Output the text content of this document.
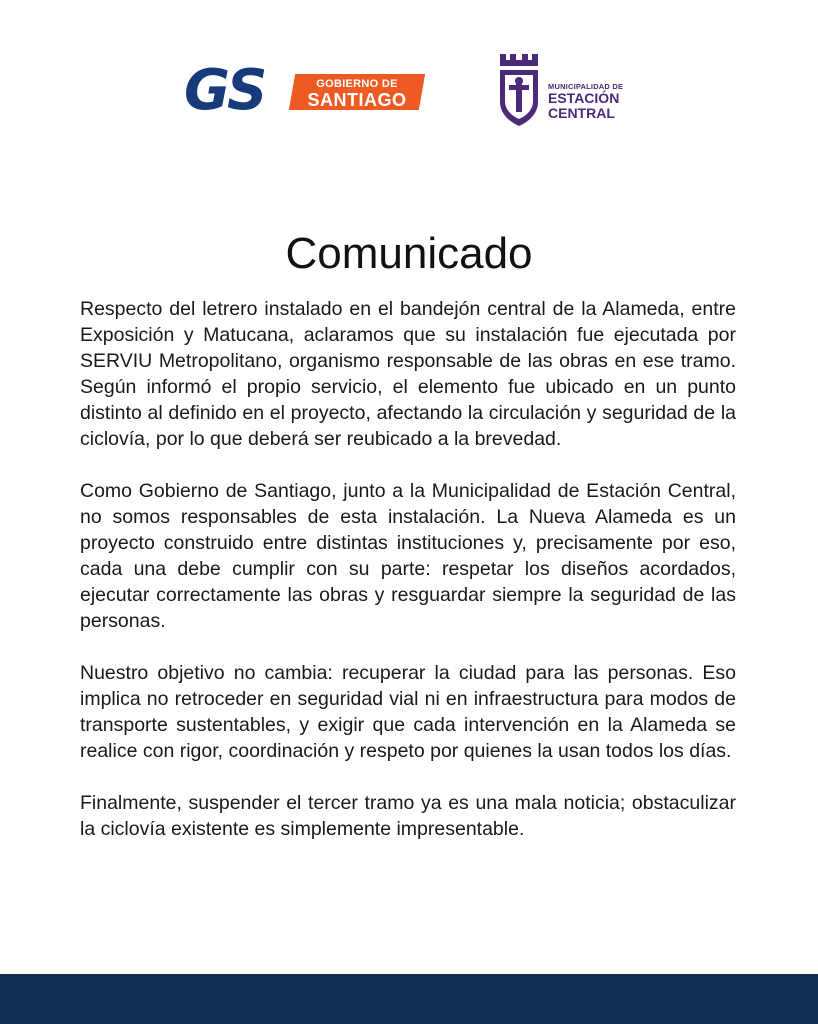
GS	GOBIERNO DE
SANTIAGO
MUNICIPALIDAD DE
ESTACIÓN
CENTRAL
Comunicado

Respecto del letrero instalado en el bandejón central de la Alameda, entre Exposición y Matucana, aclaramos que su instalación fue ejecutada por SERVIU Metropolitano, organismo responsable de las obras en ese tramo. Según informó el propio servicio, el elemento fue ubicado en un punto distinto al definido en el proyecto, afectando la circulación y seguridad de la ciclovía, por lo que deberá ser reubicado a la brevedad.

Como Gobierno de Santiago, junto a la Municipalidad de Estación Central, no somos responsables de esta instalación. La Nueva Alameda es un proyecto construido entre distintas instituciones y, precisamente por eso, cada una debe cumplir con su parte: respetar los diseños acordados, ejecutar correctamente las obras y resguardar siempre la seguridad de las personas.

Nuestro objetivo no cambia: recuperar la ciudad para las personas. Eso implica no retroceder en seguridad vial ni en infraestructura para modos de transporte sustentables, y exigir que cada intervención en la Alameda se realice con rigor, coordinación y respeto por quienes la usan todos los días.

Finalmente, suspender el tercer tramo ya es una mala noticia; obstaculizar la ciclovía existente es simplemente impresentable.
